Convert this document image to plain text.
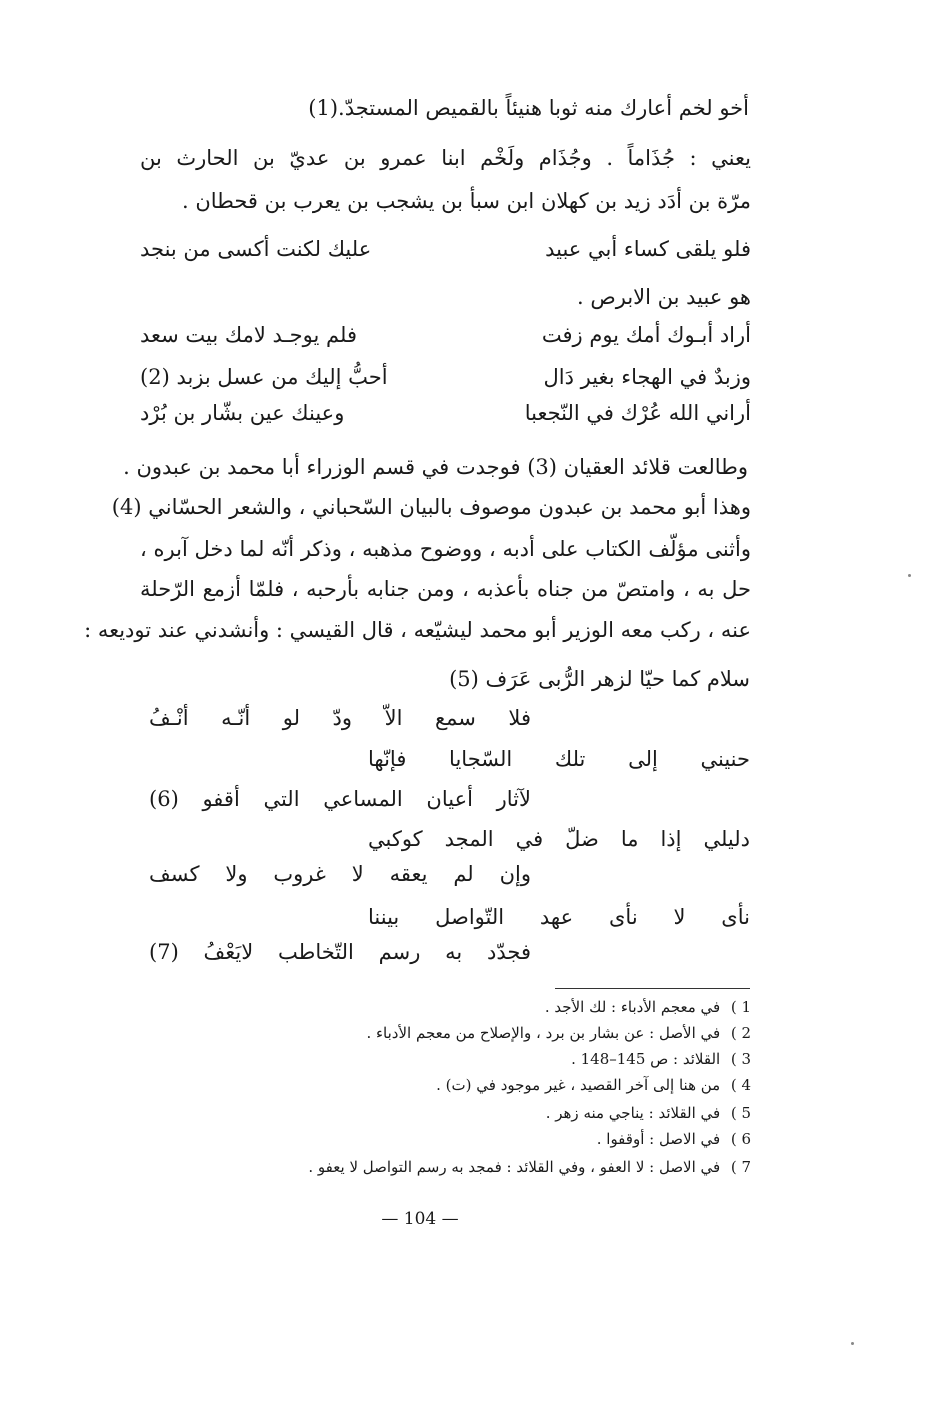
أخو لخم أعارك منه ثوبا هنيئاً بالقميص المستجدّ.(1)
يعني : جُذَاماً . وجُذَام ولَخْم ابنا عمرو بن عديّ بن الحارث بن
مرّة بن أدَد زيد بن كهلان ابن سبأ بن يشجب بن يعرب بن قحطان .
فلو يلقى كساء أبي عبيد
عليك لكنت أكسى من بنجد
هو عبيد بن الابرص .
أراد أبـوك أمك يوم زفت
فلم يوجـد لامك بيت سعد
وزبدٌ في الهجاء بغير دَال
أحبُّ إليك من عسل بزبد (2)
أراني الله عُرْك في النّجعبا
وعينك عين بشّار بن بُرْد
وطالعت قلائد العقيان (3) فوجدت في قسم الوزراء أبا محمد بن عبدون .
وهذا أبو محمد بن عبدون موصوف بالبيان السّحباني ، والشعر الحسّاني (4)
وأثنى مؤلّف الكتاب على أدبه ، ووضوح مذهبه ، وذكر أنّه لما دخل آبره ،
حل به ، وامتصّ من جناه بأعذبه ، ومن جنابه بأرحبه ، فلمّا أزمع الرّحلة
عنه ، ركب معه الوزير أبو محمد ليشيّعه ، قال القيسي : وأنشدني عند توديعه :
سلام كما حيّا لزهر الرُّبى عَرَف (5)
فلا سمع الاّ ودّ لو أنّـه أنْـفُ
حنيني إلى تلك السّجايا فإنّها
لآثار أعيان المساعي التي أقفو (6)
دليلي إذا ما ضلّ في المجد كوكبي
وإن لم يعقه لا غروب ولا كسف
نأى لا نأى عهد التّواصل بيننا
فجدّد به رسم التّخاطب لايَعْفُ (7)
1 ) في معجم الأدباء : لك الأجد .
2 ) في الأصل : عن بشار بن برد ، والإصلاح من معجم الأدباء .
3 ) القلائد : ص 145–148 .
4 ) من هنا إلى آخر القصيد ، غير موجود في (ت) .
5 ) في القلائد : يناجي منه زهر .
6 ) في الاصل : أوقفوا .
7 ) في الاصل : لا العفو ، وفي القلائد : فمجد به رسم التواصل لا يعفو .
— 104 —
